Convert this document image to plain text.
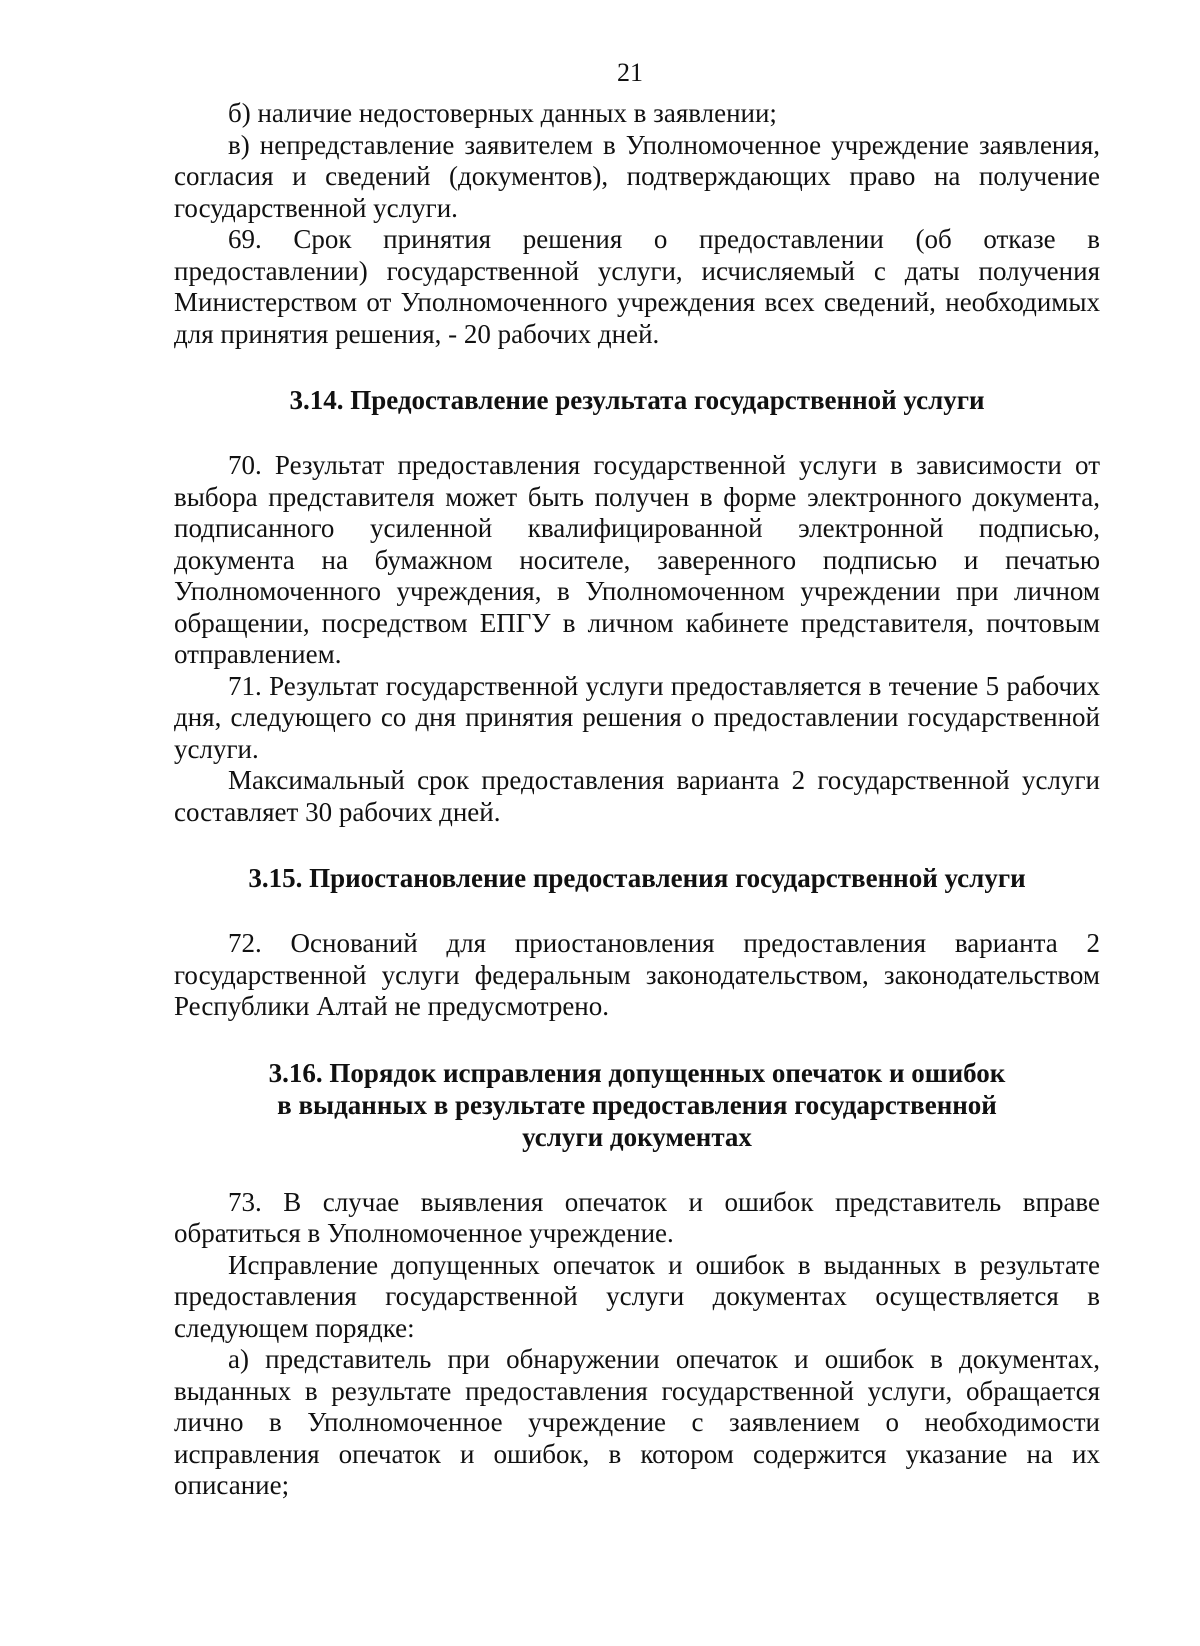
21

б) наличие недостоверных данных в заявлении;

в) непредставление заявителем в Уполномоченное учреждение заявления, согласия и сведений (документов), подтверждающих право на получение государственной услуги.

69. Срок принятия решения о предоставлении (об отказе в предоставлении) государственной услуги, исчисляемый с даты получения Министерством от Уполномоченного учреждения всех сведений, необходимых для принятия решения, - 20 рабочих дней.

3.14. Предоставление результата государственной услуги

70. Результат предоставления государственной услуги в зависимости от выбора представителя может быть получен в форме электронного документа, подписанного усиленной квалифицированной электронной подписью, документа на бумажном носителе, заверенного подписью и печатью Уполномоченного учреждения, в Уполномоченном учреждении при личном обращении, посредством ЕПГУ в личном кабинете представителя, почтовым отправлением.

71. Результат государственной услуги предоставляется в течение 5 рабочих дня, следующего со дня принятия решения о предоставлении государственной услуги.

Максимальный срок предоставления варианта 2 государственной услуги составляет 30 рабочих дней.

3.15. Приостановление предоставления государственной услуги

72. Оснований для приостановления предоставления варианта 2 государственной услуги федеральным законодательством, законодательством Республики Алтай не предусмотрено.

3.16. Порядок исправления допущенных опечаток и ошибок
в выданных в результате предоставления государственной
услуги документах

73. В случае выявления опечаток и ошибок представитель вправе обратиться в Уполномоченное учреждение.

Исправление допущенных опечаток и ошибок в выданных в результате предоставления государственной услуги документах осуществляется в следующем порядке:

а) представитель при обнаружении опечаток и ошибок в документах, выданных в результате предоставления государственной услуги, обращается лично в Уполномоченное учреждение с заявлением о необходимости исправления опечаток и ошибок, в котором содержится указание на их описание;
